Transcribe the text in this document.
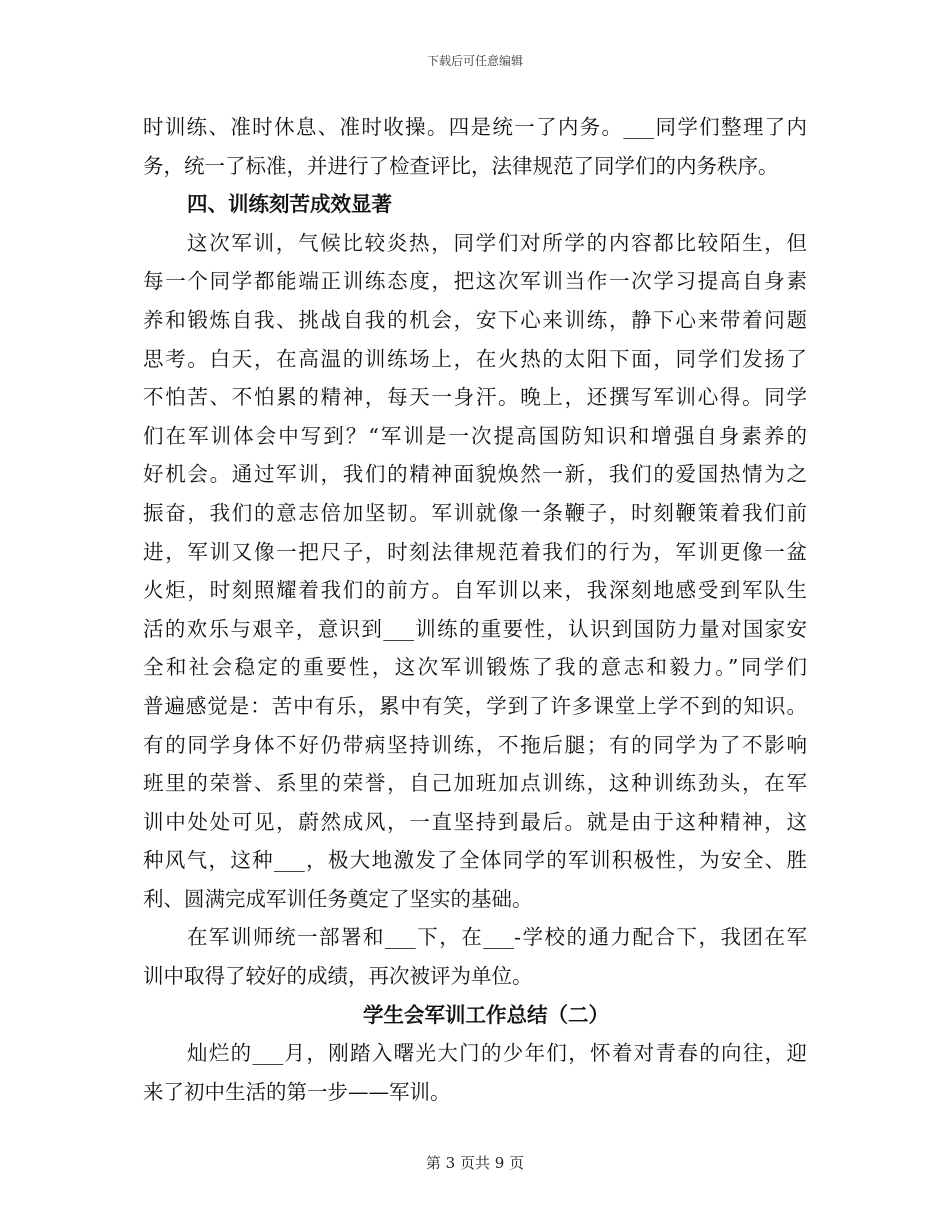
下载后可任意编辑
时训练、准时休息、准时收操。四是统一了内务。___同学们整理了内
务，统一了标准，并进行了检查评比，法律规范了同学们的内务秩序。
四、训练刻苦成效显著
这次军训，气候比较炎热，同学们对所学的内容都比较陌生，但
每一个同学都能端正训练态度，把这次军训当作一次学习提高自身素
养和锻炼自我、挑战自我的机会，安下心来训练，静下心来带着问题
思考。白天，在高温的训练场上，在火热的太阳下面，同学们发扬了
不怕苦、不怕累的精神，每天一身汗。晚上，还撰写军训心得。同学
们在军训体会中写到？“军训是一次提高国防知识和增强自身素养的
好机会。通过军训，我们的精神面貌焕然一新，我们的爱国热情为之
振奋，我们的意志倍加坚韧。军训就像一条鞭子，时刻鞭策着我们前
进，军训又像一把尺子，时刻法律规范着我们的行为，军训更像一盆
火炬，时刻照耀着我们的前方。自军训以来，我深刻地感受到军队生
活的欢乐与艰辛，意识到___训练的重要性，认识到国防力量对国家安
全和社会稳定的重要性，这次军训锻炼了我的意志和毅力。”同学们
普遍感觉是：苦中有乐，累中有笑，学到了许多课堂上学不到的知识。
有的同学身体不好仍带病坚持训练，不拖后腿；有的同学为了不影响
班里的荣誉、系里的荣誉，自己加班加点训练，这种训练劲头，在军
训中处处可见，蔚然成风，一直坚持到最后。就是由于这种精神，这
种风气，这种___，极大地激发了全体同学的军训积极性，为安全、胜
利、圆满完成军训任务奠定了坚实的基础。
在军训师统一部署和___下，在___-学校的通力配合下，我团在军
训中取得了较好的成绩，再次被评为单位。
学生会军训工作总结（二）
灿烂的___月，刚踏入曙光大门的少年们，怀着对青春的向往，迎
来了初中生活的第一步——军训。
第 3 页共 9 页
